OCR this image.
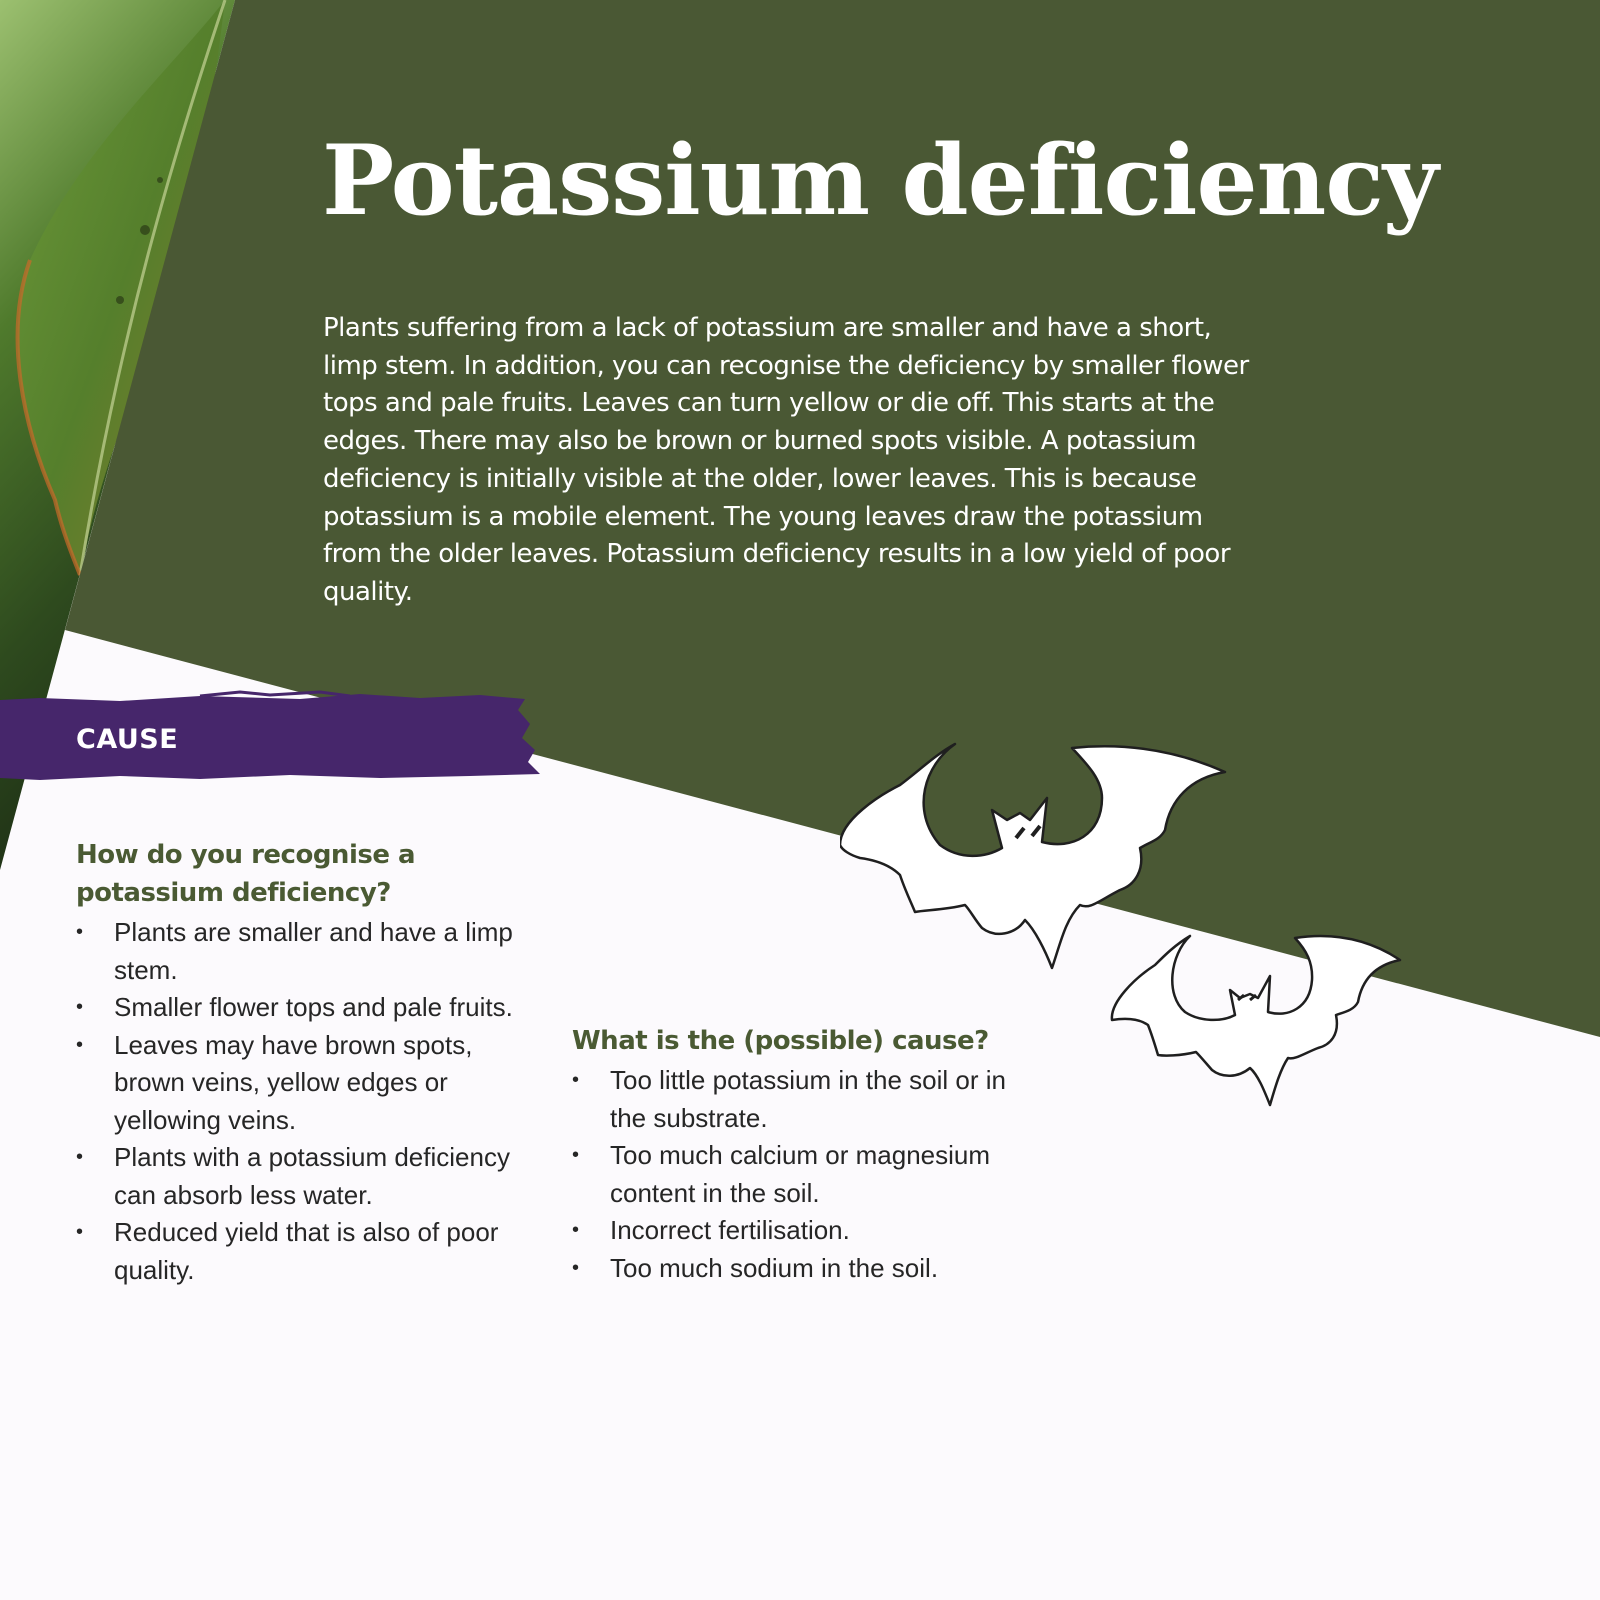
Potassium deficiency

Plants suffering from a lack of potassium are smaller and have a short, limp stem. In addition, you can recognise the deficiency by smaller flower tops and pale fruits. Leaves can turn yellow or die off. This starts at the edges. There may also be brown or burned spots visible. A potassium deficiency is initially visible at the older, lower leaves. This is because potassium is a mobile element. The young leaves draw the potassium from the older leaves. Potassium deficiency results in a low yield of poor quality.

CAUSE

How do you recognise a potassium deficiency?
• Plants are smaller and have a limp stem.
• Smaller flower tops and pale fruits.
• Leaves may have brown spots, brown veins, yellow edges or yellowing veins.
• Plants with a potassium deficiency can absorb less water.
• Reduced yield that is also of poor quality.
What is the (possible) cause?
• Too little potassium in the soil or in the substrate.
• Too much calcium or magnesium content in the soil.
• Incorrect fertilisation.
• Too much sodium in the soil.
